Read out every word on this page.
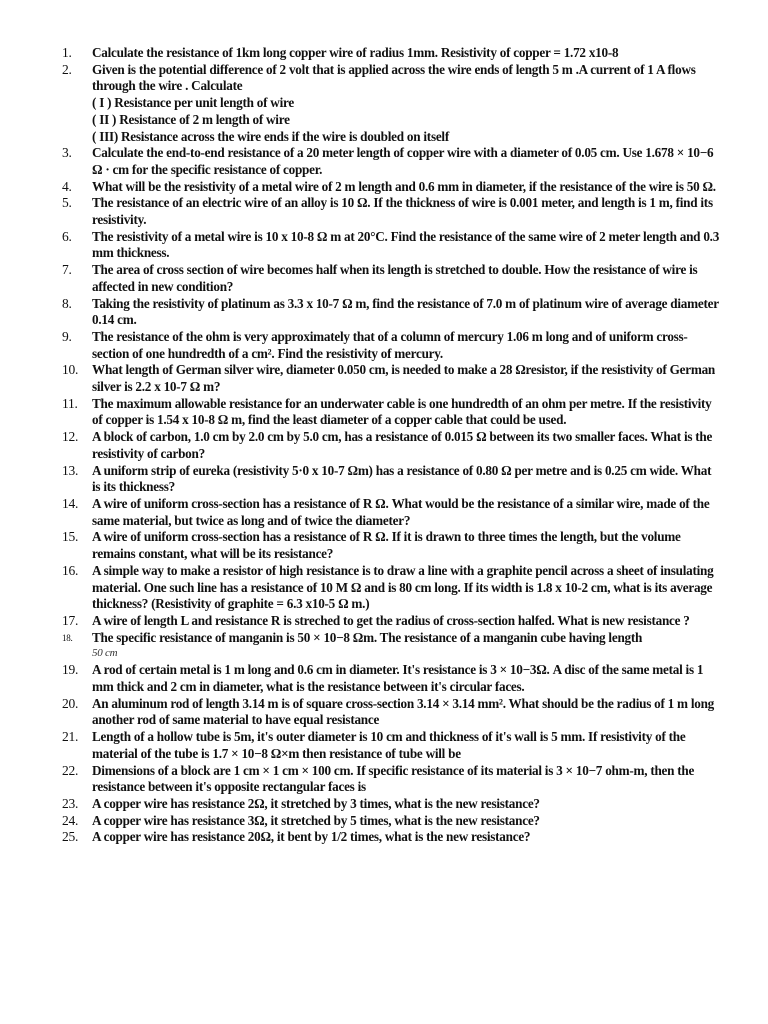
1. Calculate the resistance of 1km long copper wire of radius 1mm. Resistivity of copper = 1.72 x10-8
2. Given is the potential difference of 2 volt that is applied across the wire ends of length 5 m .A current of 1 A flows through the wire . Calculate
( I ) Resistance per unit length of wire
( II ) Resistance of 2 m length of wire
( III) Resistance across the wire ends if the wire is doubled on itself
3. Calculate the end-to-end resistance of a 20 meter length of copper wire with a diameter of 0.05 cm. Use 1.678 × 10−6 Ω · cm for the specific resistance of copper.
4. What will be the resistivity of a metal wire of 2 m length and 0.6 mm in diameter, if the resistance of the wire is 50 Ω.
5. The resistance of an electric wire of an alloy is 10 Ω. If the thickness of wire is 0.001 meter, and length is 1 m, find its resistivity.
6. The resistivity of a metal wire is 10 x 10-8 Ω m at 20°C. Find the resistance of the same wire of 2 meter length and 0.3 mm thickness.
7. The area of cross section of wire becomes half when its length is stretched to double. How the resistance of wire is affected in new condition?
8. Taking the resistivity of platinum as 3.3 x 10-7 Ω m, find the resistance of 7.0 m of platinum wire of average diameter 0.14 cm.
9. The resistance of the ohm is very approximately that of a column of mercury 1.06 m long and of uniform cross-section of one hundredth of a cm². Find the resistivity of mercury.
10. What length of German silver wire, diameter 0.050 cm, is needed to make a 28 Ωresistor, if the resistivity of German silver is 2.2 x 10-7 Ω m?
11. The maximum allowable resistance for an underwater cable is one hundredth of an ohm per metre. If the resistivity of copper is 1.54 x 10-8 Ω m, find the least diameter of a copper cable that could be used.
12. A block of carbon, 1.0 cm by 2.0 cm by 5.0 cm, has a resistance of 0.015 Ω between its two smaller faces. What is the resistivity of carbon?
13. A uniform strip of eureka (resistivity 5·0 x 10-7 Ωm) has a resistance of 0.80 Ω per metre and is 0.25 cm wide. What is its thickness?
14. A wire of uniform cross-section has a resistance of R Ω. What would be the resistance of a similar wire, made of the same material, but twice as long and of twice the diameter?
15. A wire of uniform cross-section has a resistance of R Ω. If it is drawn to three times the length, but the volume remains constant, what will be its resistance?
16. A simple way to make a resistor of high resistance is to draw a line with a graphite pencil across a sheet of insulating material. One such line has a resistance of 10 M Ω and is 80 cm long. If its width is 1.8 x 10-2 cm, what is its average thickness? (Resistivity of graphite = 6.3 x10-5 Ω m.)
17. A wire of length L and resistance R is streched to get the radius of cross-section halfed. What is new resistance ?
18. The specific resistance of manganin is 50 × 10−8 Ωm. The resistance of a manganin cube having length
50 cm
19. A rod of certain metal is 1 m long and 0.6 cm in diameter. It's resistance is 3 × 10−3Ω. A disc of the same metal is 1 mm thick and 2 cm in diameter, what is the resistance between it's circular faces.
20. An aluminum rod of length 3.14 m is of square cross-section 3.14 × 3.14 mm². What should be the radius of 1 m long another rod of same material to have equal resistance
21. Length of a hollow tube is 5m, it's outer diameter is 10 cm and thickness of it's wall is 5 mm. If resistivity of the material of the tube is 1.7 × 10−8 Ω×m then resistance of tube will be
22. Dimensions of a block are 1 cm × 1 cm × 100 cm. If specific resistance of its material is 3 × 10−7 ohm-m, then the resistance between it's opposite rectangular faces is
23. A copper wire has resistance 2Ω, it stretched by 3 times, what is the new resistance?
24. A copper wire has resistance 3Ω, it stretched by 5 times, what is the new resistance?
25. A copper wire has resistance 20Ω, it bent by 1/2 times, what is the new resistance?
